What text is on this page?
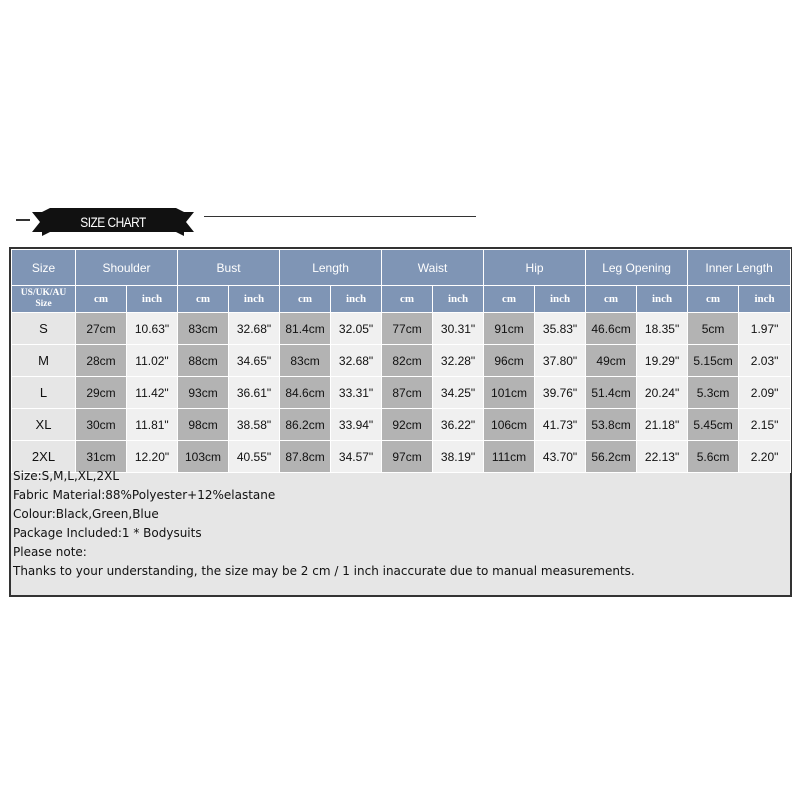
SIZE CHART
Size	Shoulder		Bust		Length		Waist		Hip		Leg Opening		Inner Length	
US/UK/AU Size	cm	inch	cm	inch	cm	inch	cm	inch	cm	inch	cm	inch	cm	inch
S	27cm	10.63"	83cm	32.68"	81.4cm	32.05"	77cm	30.31"	91cm	35.83"	46.6cm	18.35"	5cm	1.97"
M	28cm	11.02"	88cm	34.65"	83cm	32.68"	82cm	32.28"	96cm	37.80"	49cm	19.29"	5.15cm	2.03"
L	29cm	11.42"	93cm	36.61"	84.6cm	33.31"	87cm	34.25"	101cm	39.76"	51.4cm	20.24"	5.3cm	2.09"
XL	30cm	11.81"	98cm	38.58"	86.2cm	33.94"	92cm	36.22"	106cm	41.73"	53.8cm	21.18"	5.45cm	2.15"
2XL	31cm	12.20"	103cm	40.55"	87.8cm	34.57"	97cm	38.19"	111cm	43.70"	56.2cm	22.13"	5.6cm	2.20"
Size:S,M,L,XL,2XL
Fabric Material:88%Polyester+12%elastane
Colour:Black,Green,Blue
Package Included:1 * Bodysuits
Please note:
Thanks to your understanding, the size may be 2 cm / 1 inch inaccurate due to manual measurements.
